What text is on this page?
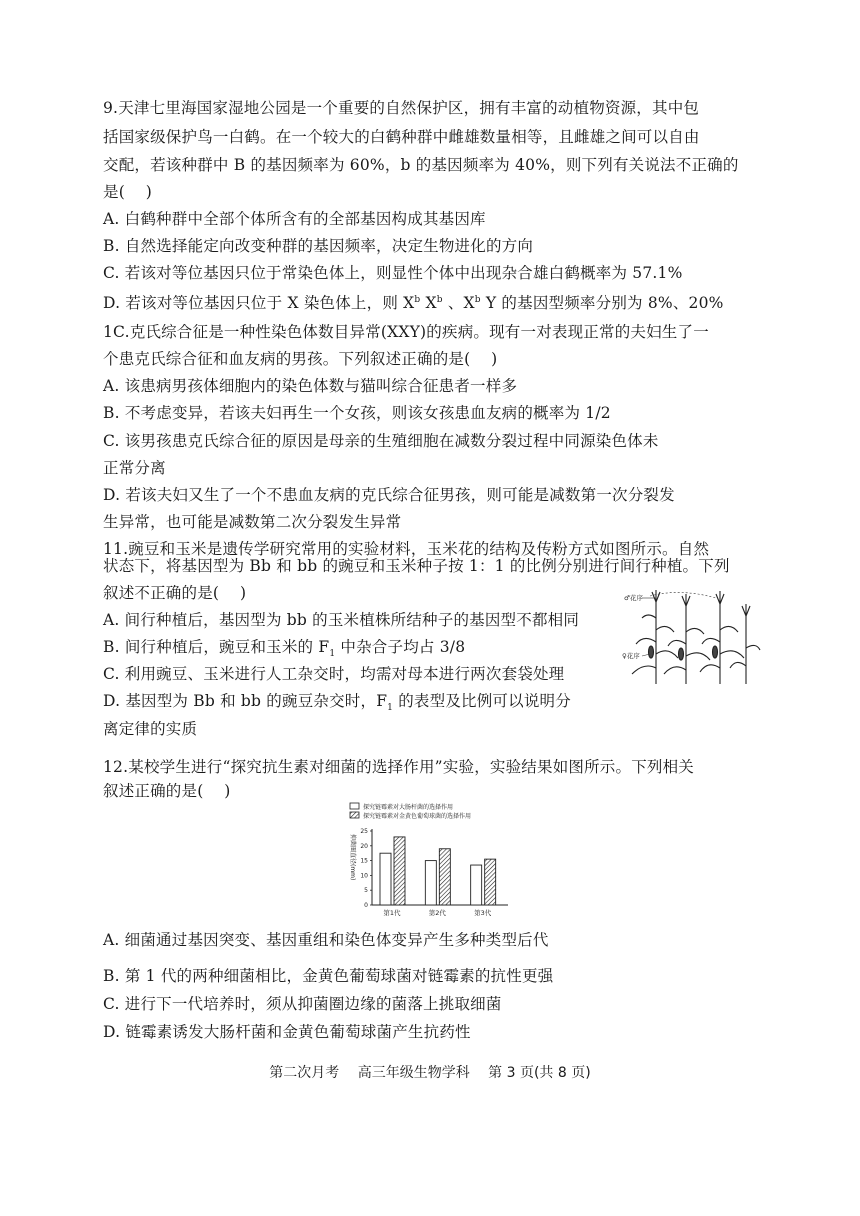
9.天津七里海国家湿地公园是一个重要的自然保护区，拥有丰富的动植物资源，其中包
括国家级保护鸟一白鹤。在一个较大的白鹤种群中雌雄数量相等，且雌雄之间可以自由
交配，若该种群中 B 的基因频率为 60%，b 的基因频率为 40%，则下列有关说法不正确的
是(　 )
A. 白鹤种群中全部个体所含有的全部基因构成其基因库
B. 自然选择能定向改变种群的基因频率，决定生物进化的方向
C. 若该对等位基因只位于常染色体上，则显性个体中出现杂合雄白鹤概率为 57.1%
D. 若该对等位基因只位于 X 染色体上，则 $X^b$ $X^b$ 、$X^b$ Y 的基因型频率分别为 8%、20%
1C.克氏综合征是一种性染色体数目异常(XXY)的疾病。现有一对表现正常的夫妇生了一
个患克氏综合征和血友病的男孩。下列叙述正确的是(　 )
A. 该患病男孩体细胞内的染色体数与猫叫综合征患者一样多
B. 不考虑变异，若该夫妇再生一个女孩，则该女孩患血友病的概率为 1/2
C. 该男孩患克氏综合征的原因是母亲的生殖细胞在减数分裂过程中同源染色体未
正常分离
D. 若该夫妇又生了一个不患血友病的克氏综合征男孩，则可能是减数第一次分裂发
生异常，也可能是减数第二次分裂发生异常
11.豌豆和玉米是遗传学研究常用的实验材料，玉米花的结构及传粉方式如图所示。自然
状态下，将基因型为 Bb 和 bb 的豌豆和玉米种子按 1：1 的比例分别进行间行种植。下列
叙述不正确的是(　 )
A. 间行种植后，基因型为 bb 的玉米植株所结种子的基因型不都相同
B. 间行种植后，豌豆和玉米的 $F_1$ 中杂合子均占 3/8
C. 利用豌豆、玉米进行人工杂交时，均需对母本进行两次套袋处理
D. 基因型为 Bb 和 bb 的豌豆杂交时，$F_1$ 的表型及比例可以说明分
离定律的实质
♂花序
♀花序
12.某校学生进行“探究抗生素对细菌的选择作用”实验，实验结果如图所示。下列相关
叙述正确的是(　 )
探究链霉素对大肠杆菌的选择作用
探究链霉素对金黄色葡萄球菌的选择作用
抑菌圈直径(mm)
0
5
10
15
20
25
第1代	第2代	第3代
A. 细菌通过基因突变、基因重组和染色体变异产生多种类型后代
B. 第 1 代的两种细菌相比，金黄色葡萄球菌对链霉素的抗性更强
C. 进行下一代培养时，须从抑菌圈边缘的菌落上挑取细菌
D. 链霉素诱发大肠杆菌和金黄色葡萄球菌产生抗药性
第二次月考　 高三年级生物学科　 第 3 页(共 8 页)
